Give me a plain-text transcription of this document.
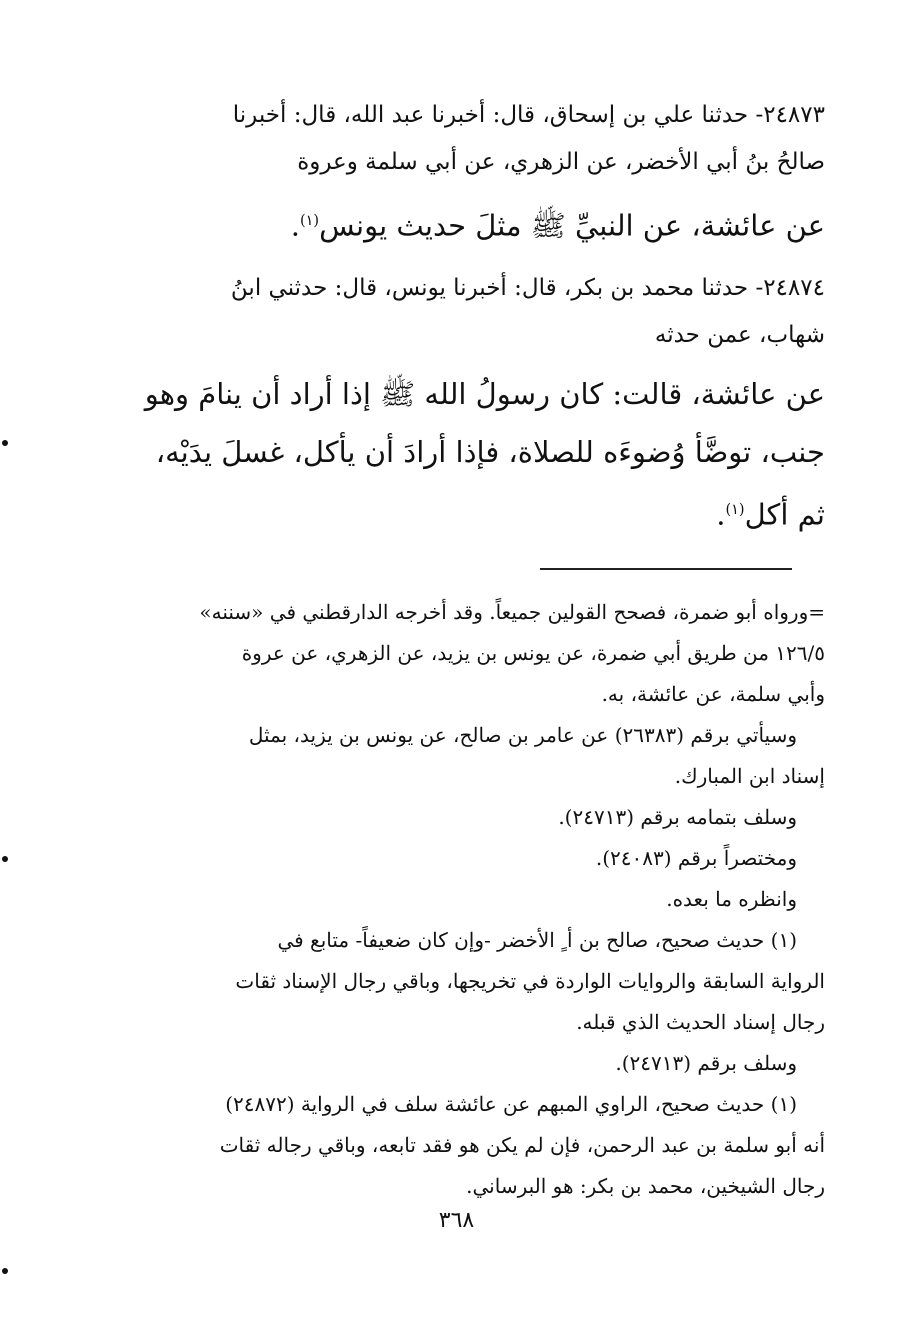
٢٤٨٧٣- حدثنا علي بن إسحاق، قال: أخبرنا عبد الله، قال: أخبرنا
صالحُ بنُ أبي الأخضر، عن الزهري، عن أبي سلمة وعروة

عن عائشة، عن النبيِّ ﷺ مثلَ حديث يونس$^{(١)}$.

٢٤٨٧٤- حدثنا محمد بن بكر، قال: أخبرنا يونس، قال: حدثني ابنُ
شهاب، عمن حدثه

عن عائشة، قالت: كان رسولُ الله ﷺ إذا أراد أن ينامَ وهو
جنب، توضَّأ وُضوءَه للصلاة، فإذا أرادَ أن يأكل، غسلَ يدَيْه،
ثم أكل$^{(١)}$.

=ورواه أبو ضمرة، فصحح القولين جميعاً. وقد أخرجه الدارقطني في «سننه»
١٢٦/٥ من طريق أبي ضمرة، عن يونس بن يزيد، عن الزهري، عن عروة
وأبي سلمة، عن عائشة، به.

وسيأتي برقم (٢٦٣٨٣) عن عامر بن صالح، عن يونس بن يزيد، بمثل

إسناد ابن المبارك.

وسلف بتمامه برقم (٢٤٧١٣).

ومختصراً برقم (٢٤٠٨٣).

وانظره ما بعده.

(١) حديث صحيح، صالح بن أ ٍ الأخضر -وإن كان ضعيفاً- متابع في

الرواية السابقة والروايات الواردة في تخريجها، وباقي رجال الإسناد ثقات
رجال إسناد الحديث الذي قبله.

وسلف برقم (٢٤٧١٣).

(١) حديث صحيح، الراوي المبهم عن عائشة سلف في الرواية (٢٤٨٧٢)

أنه أبو سلمة بن عبد الرحمن، فإن لم يكن هو فقد تابعه، وباقي رجاله ثقات
رجال الشيخين، محمد بن بكر: هو البرساني.

٣٦٨
